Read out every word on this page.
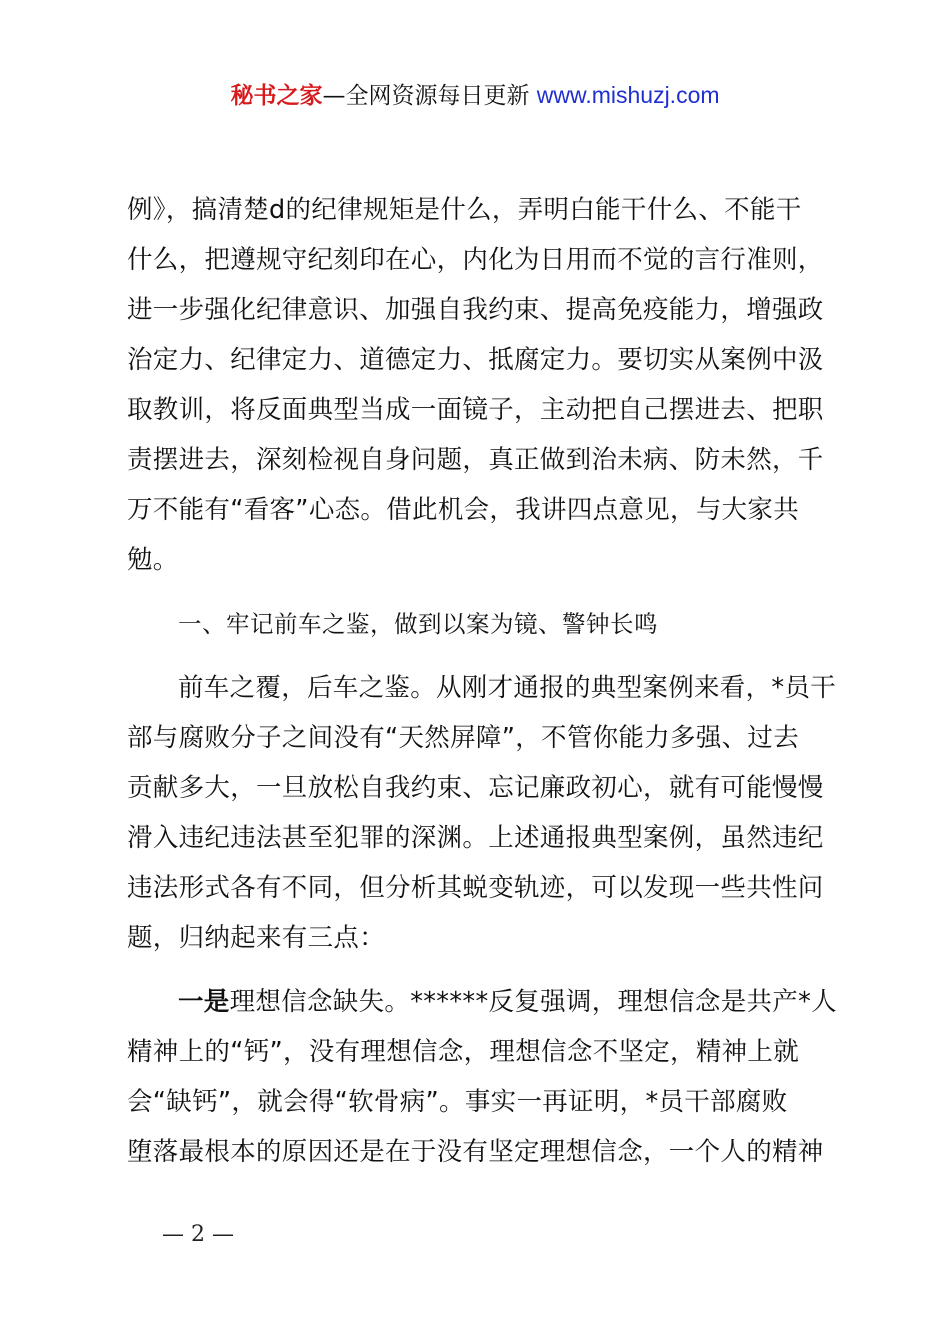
秘书之家—全网资源每日更新 www.mishuzj.com

例》，搞清楚d的纪律规矩是什么，弄明白能干什么、不能干
什么，把遵规守纪刻印在心，内化为日用而不觉的言行准则，
进一步强化纪律意识、加强自我约束、提高免疫能力，增强政
治定力、纪律定力、道德定力、抵腐定力。要切实从案例中汲
取教训，将反面典型当成一面镜子，主动把自己摆进去、把职
责摆进去，深刻检视自身问题，真正做到治未病、防未然，千
万不能有“看客”心态。借此机会，我讲四点意见，与大家共
勉。

一、牢记前车之鉴，做到以案为镜、警钟长鸣

前车之覆，后车之鉴。从刚才通报的典型案例来看，*员干
部与腐败分子之间没有“天然屏障”，不管你能力多强、过去
贡献多大，一旦放松自我约束、忘记廉政初心，就有可能慢慢
滑入违纪违法甚至犯罪的深渊。上述通报典型案例，虽然违纪
违法形式各有不同，但分析其蜕变轨迹，可以发现一些共性问
题，归纳起来有三点：

一是理想信念缺失。******反复强调，理想信念是共产*人
精神上的“钙”，没有理想信念，理想信念不坚定，精神上就
会“缺钙”，就会得“软骨病”。事实一再证明，*员干部腐败
堕落最根本的原因还是在于没有坚定理想信念，一个人的精神

— 2 —
